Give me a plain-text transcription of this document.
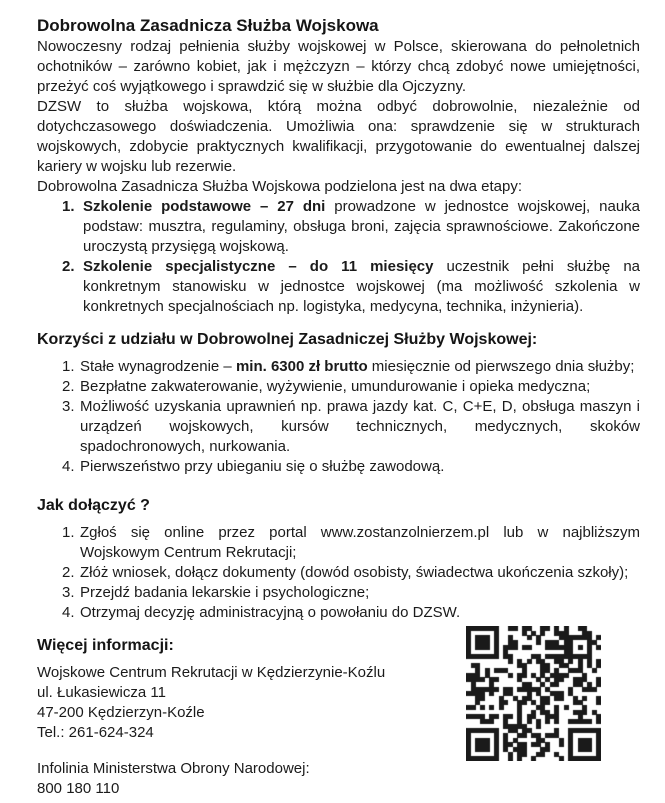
Dobrowolna Zasadnicza Służba Wojskowa

Nowoczesny rodzaj pełnienia służby wojskowej w Polsce, skierowana do pełnoletnich ochotników – zarówno kobiet, jak i mężczyzn – którzy chcą zdobyć nowe umiejętności, przeżyć coś wyjątkowego i sprawdzić się w służbie dla Ojczyzny.

DZSW to służba wojskowa, którą można odbyć dobrowolnie, niezależnie od dotychczasowego doświadczenia. Umożliwia ona: sprawdzenie się w strukturach wojskowych, zdobycie praktycznych kwalifikacji, przygotowanie do ewentualnej dalszej kariery w wojsku lub rezerwie.

Dobrowolna Zasadnicza Służba Wojskowa podzielona jest na dwa etapy:

1. Szkolenie podstawowe – 27 dni prowadzone w jednostce wojskowej, nauka podstaw: musztra, regulaminy, obsługa broni, zajęcia sprawnościowe. Zakończone uroczystą przysięgą wojskową.
2. Szkolenie specjalistyczne – do 11 miesięcy uczestnik pełni służbę na konkretnym stanowisku w jednostce wojskowej (ma możliwość szkolenia w konkretnych specjalnościach np. logistyka, medycyna, technika, inżynieria).
Korzyści z udziału w Dobrowolnej Zasadniczej Służby Wojskowej:
1. Stałe wynagrodzenie – min. 6300 zł brutto miesięcznie od pierwszego dnia służby;
2. Bezpłatne zakwaterowanie, wyżywienie, umundurowanie i opieka medyczna;
3. Możliwość uzyskania uprawnień np. prawa jazdy kat. C, C+E, D, obsługa maszyn i urządzeń wojskowych, kursów technicznych, medycznych, skoków spadochronowych, nurkowania.
4. Pierwszeństwo przy ubieganiu się o służbę zawodową.
Jak dołączyć ?
1. Zgłoś się online przez portal www.zostanzolnierzem.pl lub w najbliższym Wojskowym Centrum Rekrutacji;
2. Złóż wniosek, dołącz dokumenty (dowód osobisty, świadectwa ukończenia szkoły);
3. Przejdź badania lekarskie i psychologiczne;
4. Otrzymaj decyzję administracyjną o powołaniu do DZSW.
Więcej informacji:
Wojskowe Centrum Rekrutacji w Kędzierzynie-Koźlu
ul. Łukasiewicza 11
47-200 Kędzierzyn-Koźle
Tel.: 261-624-324
Infolinia Ministerstwa Obrony Narodowej:
800 180 110
